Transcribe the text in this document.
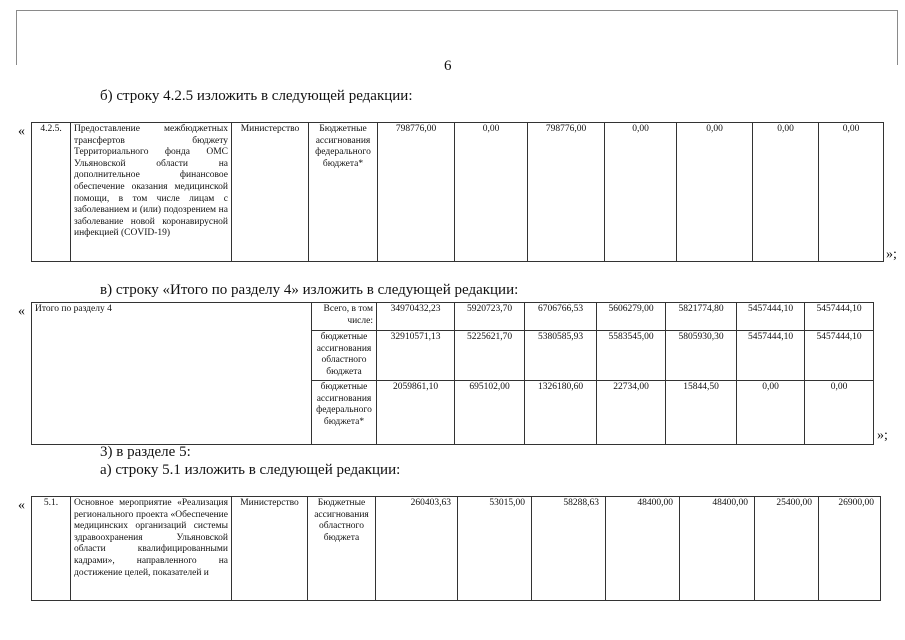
6
б) строку 4.2.5 изложить в следующей редакции:
« 4.2.5.	Предоставление межбюджетных трансфертов бюджету Территориального фонда ОМС Ульяновской области на дополнительное финансовое обеспечение оказания медицинской помощи, в том числе лицам с заболеванием и (или) подозрением на заболевание новой коронавирусной инфекцией (COVID-19)	Министерство	Бюджетные ассигнования федерального бюджета*	798776,00	0,00	798776,00	0,00	0,00	0,00	0,00
»;
в) строку «Итого по разделу 4» изложить в следующей редакции:
« Итого по разделу 4	Всего, в том числе:	34970432,23	5920723,70	6706766,53	5606279,00	5821774,80	5457444,10	5457444,10
	бюджетные ассигнования областного бюджета	32910571,13	5225621,70	5380585,93	5583545,00	5805930,30	5457444,10	5457444,10
	бюджетные ассигнования федерального бюджета*	2059861,10	695102,00	1326180,60	22734,00	15844,50	0,00	0,00
»;
3) в разделе 5:
а) строку 5.1 изложить в следующей редакции:
« 5.1.	Основное мероприятие «Реализация регионального проекта «Обеспечение медицинских организаций системы здравоохранения Ульяновской области квалифицированными кадрами», направленного на достижение целей, показателей и	Министерство	Бюджетные ассигнования областного бюджета	260403,63	53015,00	58288,63	48400,00	48400,00	25400,00	26900,00
